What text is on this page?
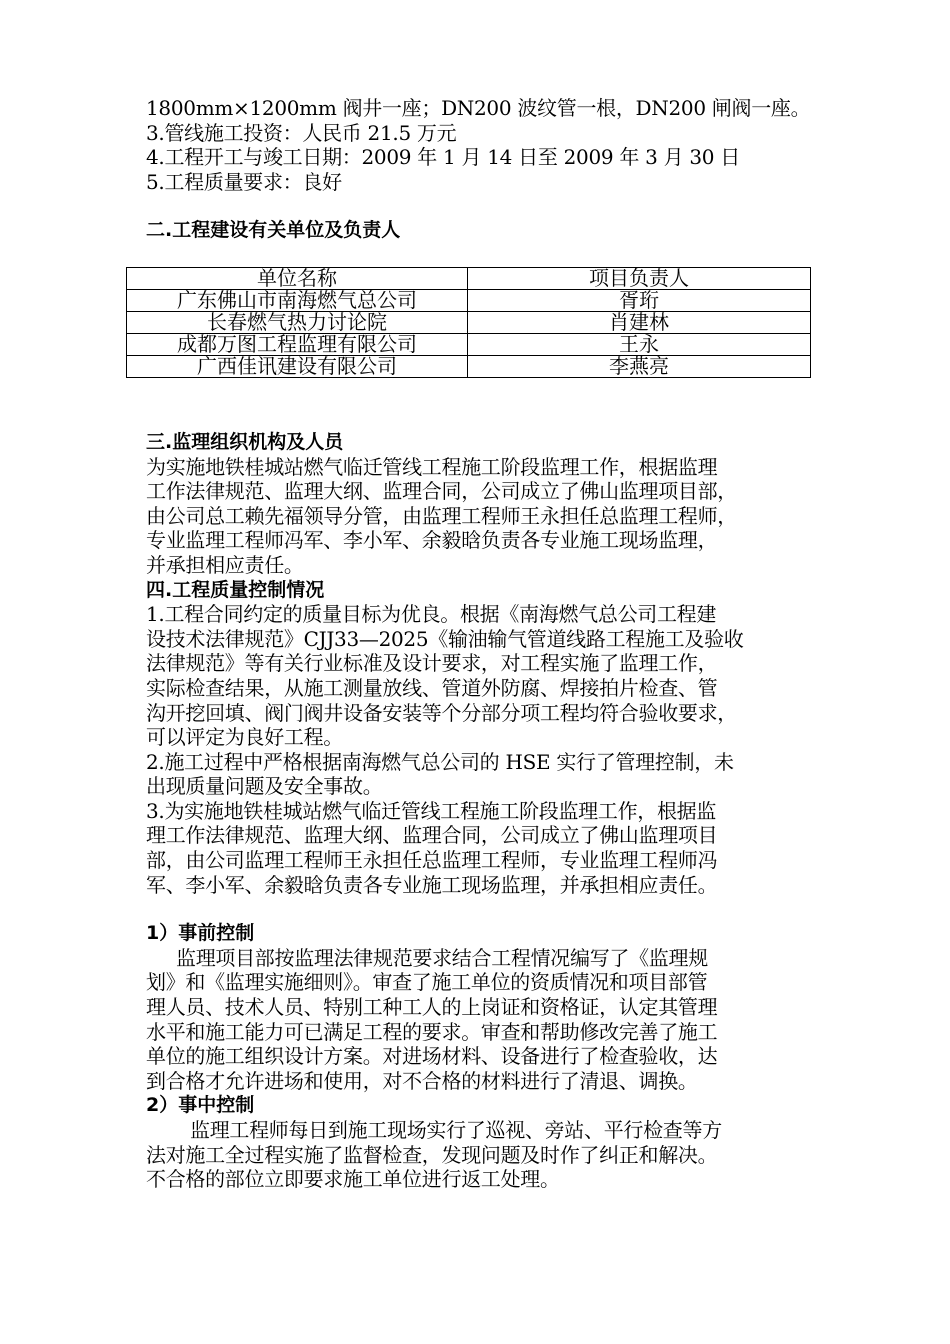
1800mm×1200mm 阀井一座；DN200 波纹管一根，DN200 闸阀一座。
3.管线施工投资：人民币 21.5 万元
4.工程开工与竣工日期：2009 年 1 月 14 日至 2009 年 3 月 30 日
5.工程质量要求：良好
二.工程建设有关单位及负责人
单位名称	项目负责人
广东佛山市南海燃气总公司	胥珩
长春燃气热力讨论院	肖建林
成都万图工程监理有限公司	王永
广西佳讯建设有限公司	李燕亮
三.监理组织机构及人员
为实施地铁桂城站燃气临迁管线工程施工阶段监理工作，根据监理
工作法律规范、监理大纲、监理合同，公司成立了佛山监理项目部，
由公司总工赖先福领导分管，由监理工程师王永担任总监理工程师，
专业监理工程师冯军、李小军、余毅晗负责各专业施工现场监理，
并承担相应责任。
四.工程质量控制情况
1.工程合同约定的质量目标为优良。根据《南海燃气总公司工程建
设技术法律规范》CJJ33—2025《输油输气管道线路工程施工及验收
法律规范》等有关行业标准及设计要求，对工程实施了监理工作，
实际检查结果，从施工测量放线、管道外防腐、焊接拍片检查、管
沟开挖回填、阀门阀井设备安装等个分部分项工程均符合验收要求，
可以评定为良好工程。
2.施工过程中严格根据南海燃气总公司的 HSE 实行了管理控制，未
出现质量问题及安全事故。
3.为实施地铁桂城站燃气临迁管线工程施工阶段监理工作，根据监
理工作法律规范、监理大纲、监理合同，公司成立了佛山监理项目
部，由公司监理工程师王永担任总监理工程师，专业监理工程师冯
军、李小军、余毅晗负责各专业施工现场监理，并承担相应责任。
1）事前控制
监理项目部按监理法律规范要求结合工程情况编写了《监理规
划》和《监理实施细则》。审查了施工单位的资质情况和项目部管
理人员、技术人员、特别工种工人的上岗证和资格证，认定其管理
水平和施工能力可已满足工程的要求。审查和帮助修改完善了施工
单位的施工组织设计方案。对进场材料、设备进行了检查验收，达
到合格才允许进场和使用，对不合格的材料进行了清退、调换。
2）事中控制
监理工程师每日到施工现场实行了巡视、旁站、平行检查等方
法对施工全过程实施了监督检查，发现问题及时作了纠正和解决。
不合格的部位立即要求施工单位进行返工处理。
